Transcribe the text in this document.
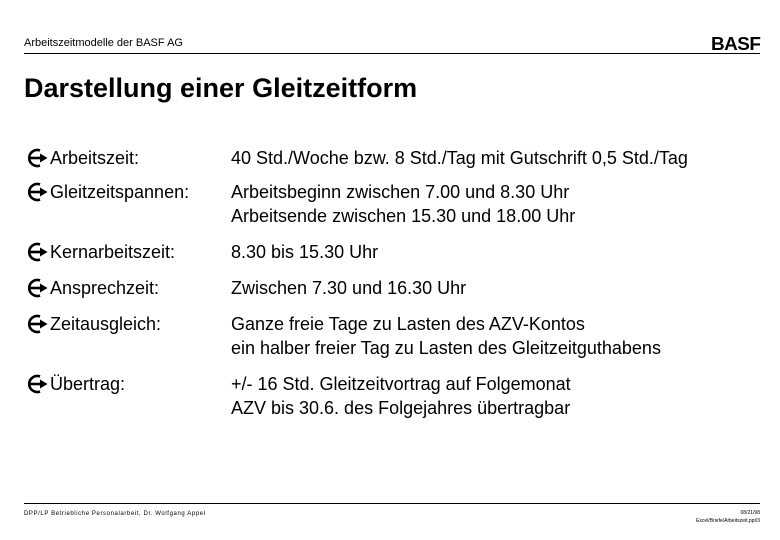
Arbeitszeitmodelle der BASF AG	BASF
Darstellung einer Gleitzeitform
Arbeitszeit:	40 Std./Woche bzw. 8 Std./Tag mit Gutschrift 0,5 Std./Tag
Gleitzeitspannen: Arbeitsbeginn zwischen 7.00 und 8.30 Uhr
Arbeitsende zwischen 15.30 und 18.00 Uhr
Kernarbeitszeit:	8.30 bis 15.30 Uhr
Ansprechzeit:	Zwischen 7.30 und 16.30 Uhr
Zeitausgleich:	Ganze freie Tage zu Lasten des AZV-Kontos
ein halber freier Tag zu Lasten des Gleitzeitguthabens
Übertrag:	+/- 16 Std. Gleitzeitvortrag auf Folgemonat
AZV bis 30.6. des Folgejahres übertragbar
DPP/LP Betriebliche Personalarbeit, Dr. Wolfgang Appel	08/21/98
Excel/Briefe/Arbeitszeit.ppt/3
